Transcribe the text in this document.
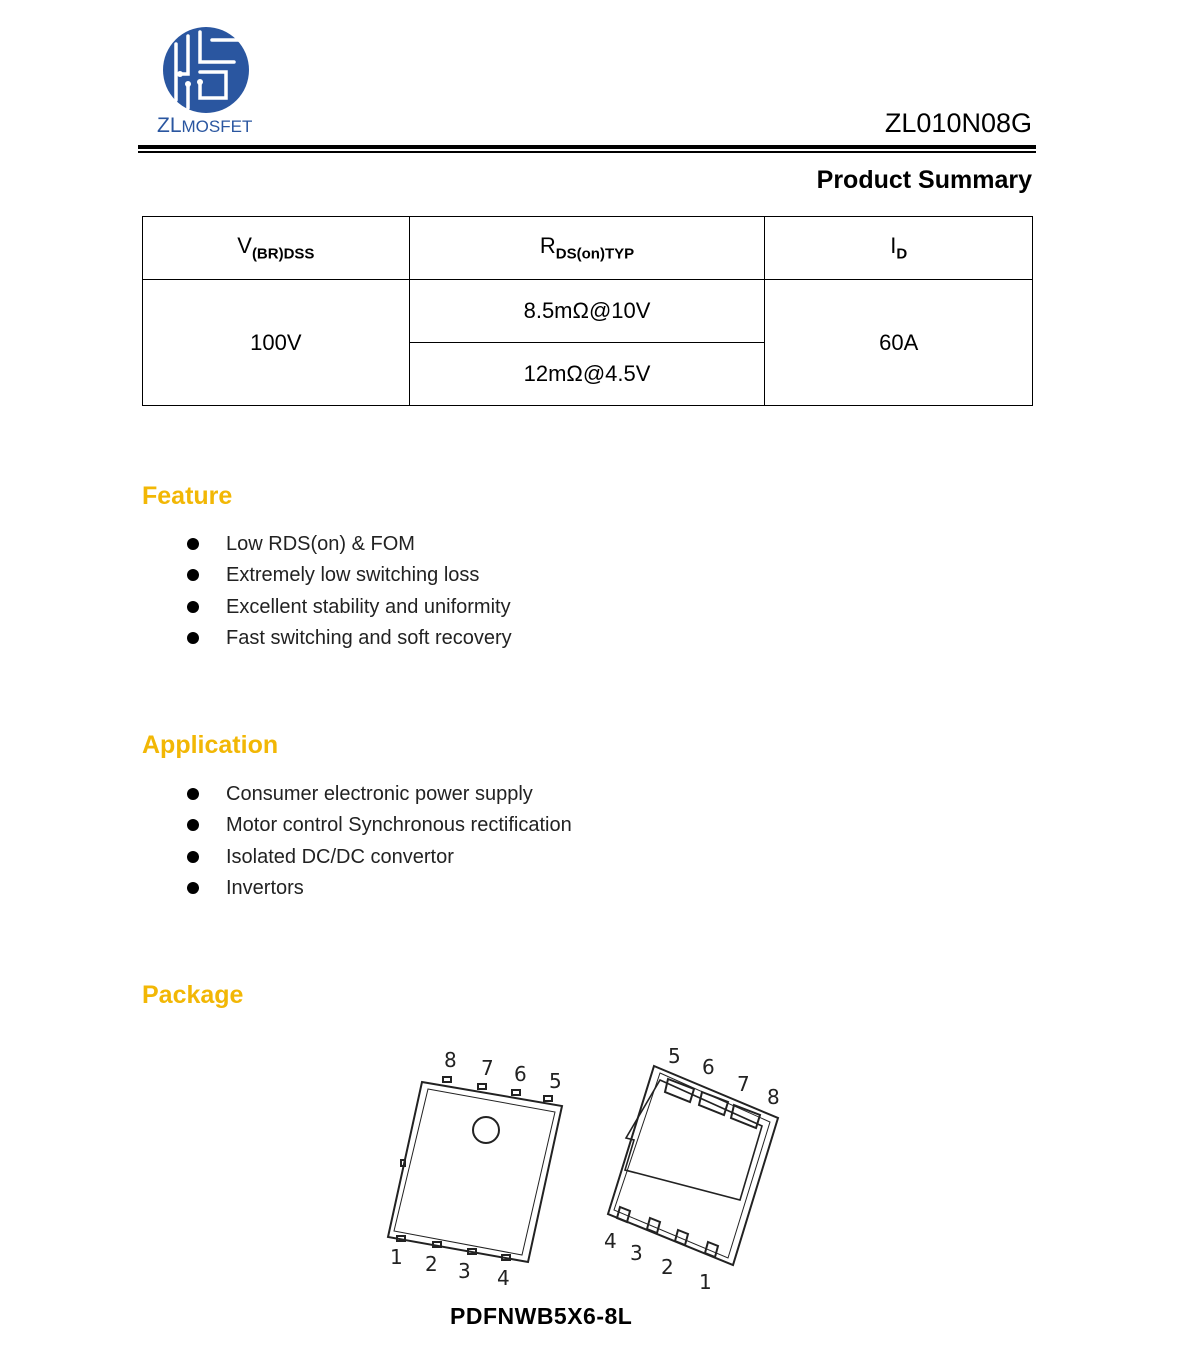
ZLMOSFET	ZL010N08G
Product Summary
$V_{(BR)DSS}$	$R_{DS(on)TYP}$	$I_D$
100V	8.5mΩ@10V	60A
	12mΩ@4.5V	
Feature
Low RDS(on) & FOM
Extremely low switching loss
Excellent stability and uniformity
Fast switching and soft recovery
Application
Consumer electronic power supply
Motor control Synchronous rectification
Isolated DC/DC convertor
Invertors
Package
8 7 6 5
1 2 3 4
5 6
7
8
4 3
2
1
PDFNWB5X6-8L
